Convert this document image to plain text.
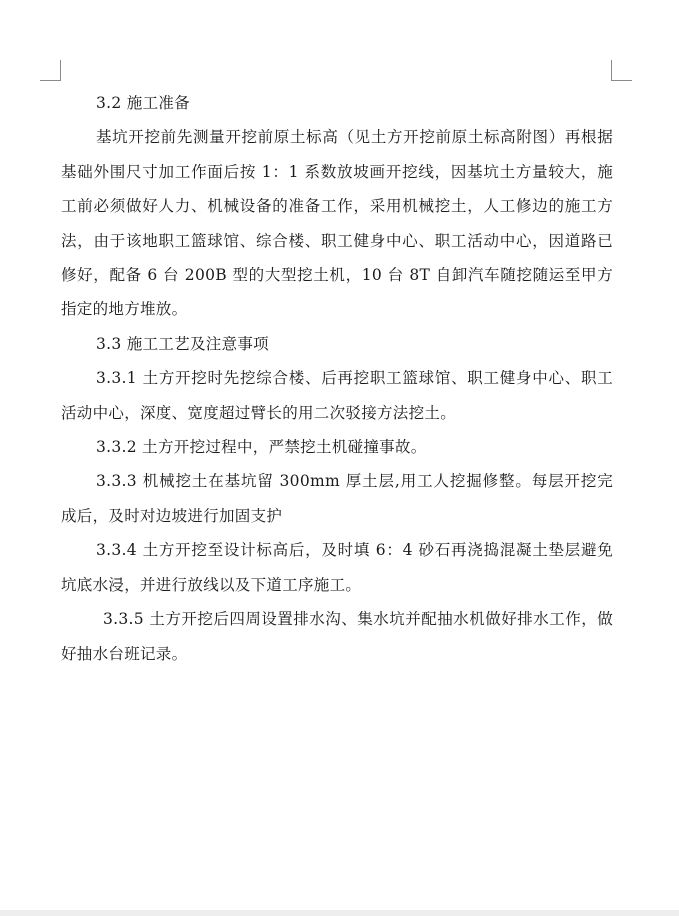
3.2 施工准备

基坑开挖前先测量开挖前原土标高（见土方开挖前原土标高附图）再根据基础外围尺寸加工作面后按 1：1 系数放坡画开挖线，因基坑土方量较大，施工前必须做好人力、机械设备的准备工作，采用机械挖土，人工修边的施工方法，由于该地职工篮球馆、综合楼、职工健身中心、职工活动中心，因道路已修好，配备 6 台 200B 型的大型挖土机，10 台 8T 自卸汽车随挖随运至甲方指定的地方堆放。

3.3 施工工艺及注意事项

3.3.1 土方开挖时先挖综合楼、后再挖职工篮球馆、职工健身中心、职工活动中心，深度、宽度超过臂长的用二次驳接方法挖土。

3.3.2 土方开挖过程中，严禁挖土机碰撞事故。

3.3.3 机械挖土在基坑留 300mm 厚土层,用工人挖掘修整。每层开挖完成后，及时对边坡进行加固支护

3.3.4 土方开挖至设计标高后，及时填 6：4 砂石再浇捣混凝土垫层避免坑底水浸，并进行放线以及下道工序施工。

3.3.5 土方开挖后四周设置排水沟、集水坑并配抽水机做好排水工作，做好抽水台班记录。
